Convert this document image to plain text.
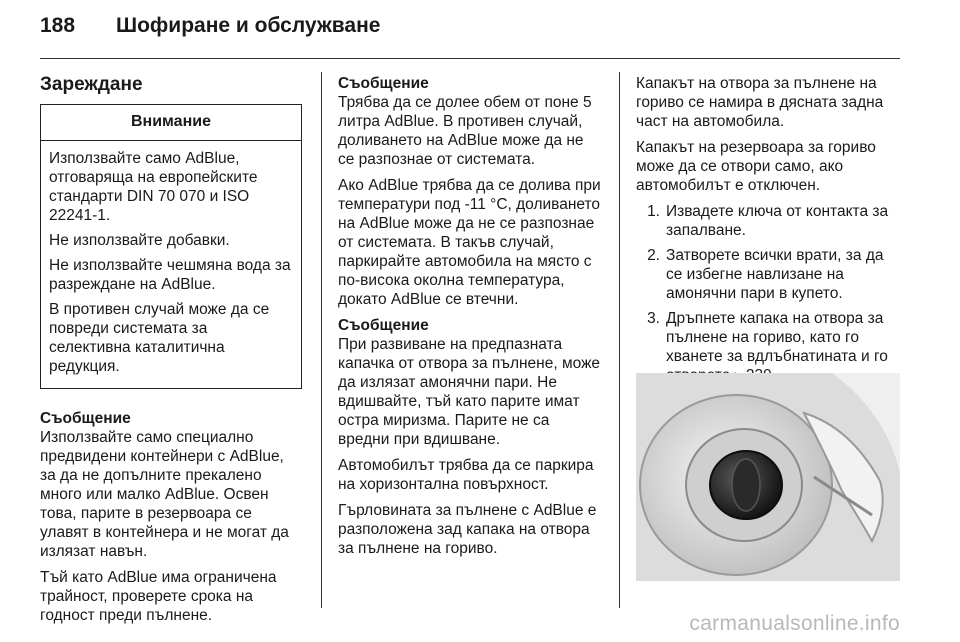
188	Шофиране и обслужване
Зареждане
Внимание

Използвайте само AdBlue, отговаряща на европейските стандарти DIN 70 070 и ISO 22241-1.

Не използвайте добавки.

Не използвайте чешмяна вода за разреждане на AdBlue.

В противен случай може да се повреди системата за селективна каталитична редукция.

Съобщение

Използвайте само специално предвидени контейнери с AdBlue, за да не допълните прекалено много или малко AdBlue. Освен това, парите в резервоара се улавят в контейнера и не могат да излязат навън.

Тъй като AdBlue има ограничена трайност, проверете срока на годност преди пълнене.

Съобщение

Трябва да се долее обем от поне 5 литра AdBlue. В противен случай, доливането на AdBlue може да не се разпознае от системата.

Ако AdBlue трябва да се долива при температури под -11 °C, доливането на AdBlue може да не се разпознае от системата. В такъв случай, паркирайте автомобила на място с по-висока околна температура, докато AdBlue се втечни.

Съобщение

При развиване на предпазната капачка от отвора за пълнене, може да излязат амонячни пари. Не вдишвайте, тъй като парите имат остра миризма. Парите не са вредни при вдишване.

Автомобилът трябва да се паркира на хоризонтална повърхност.

Гърловината за пълнене с AdBlue е разположена зад капака на отвора за пълнене на гориво.

Капакът на отвора за пълнене на гориво се намира в дясната задна част на автомобила.

Капакът на резервоара за гориво може да се отвори само, ако автомобилът е отключен.

1. Извадете ключа от контакта за запалване.
2. Затворете всички врати, за да се избегне навлизане на амонячни пари в купето.
3. Дръпнете капака на отвора за пълнене на гориво, като го хванете за вдлъбнатината и го
carmanualsonline.info
